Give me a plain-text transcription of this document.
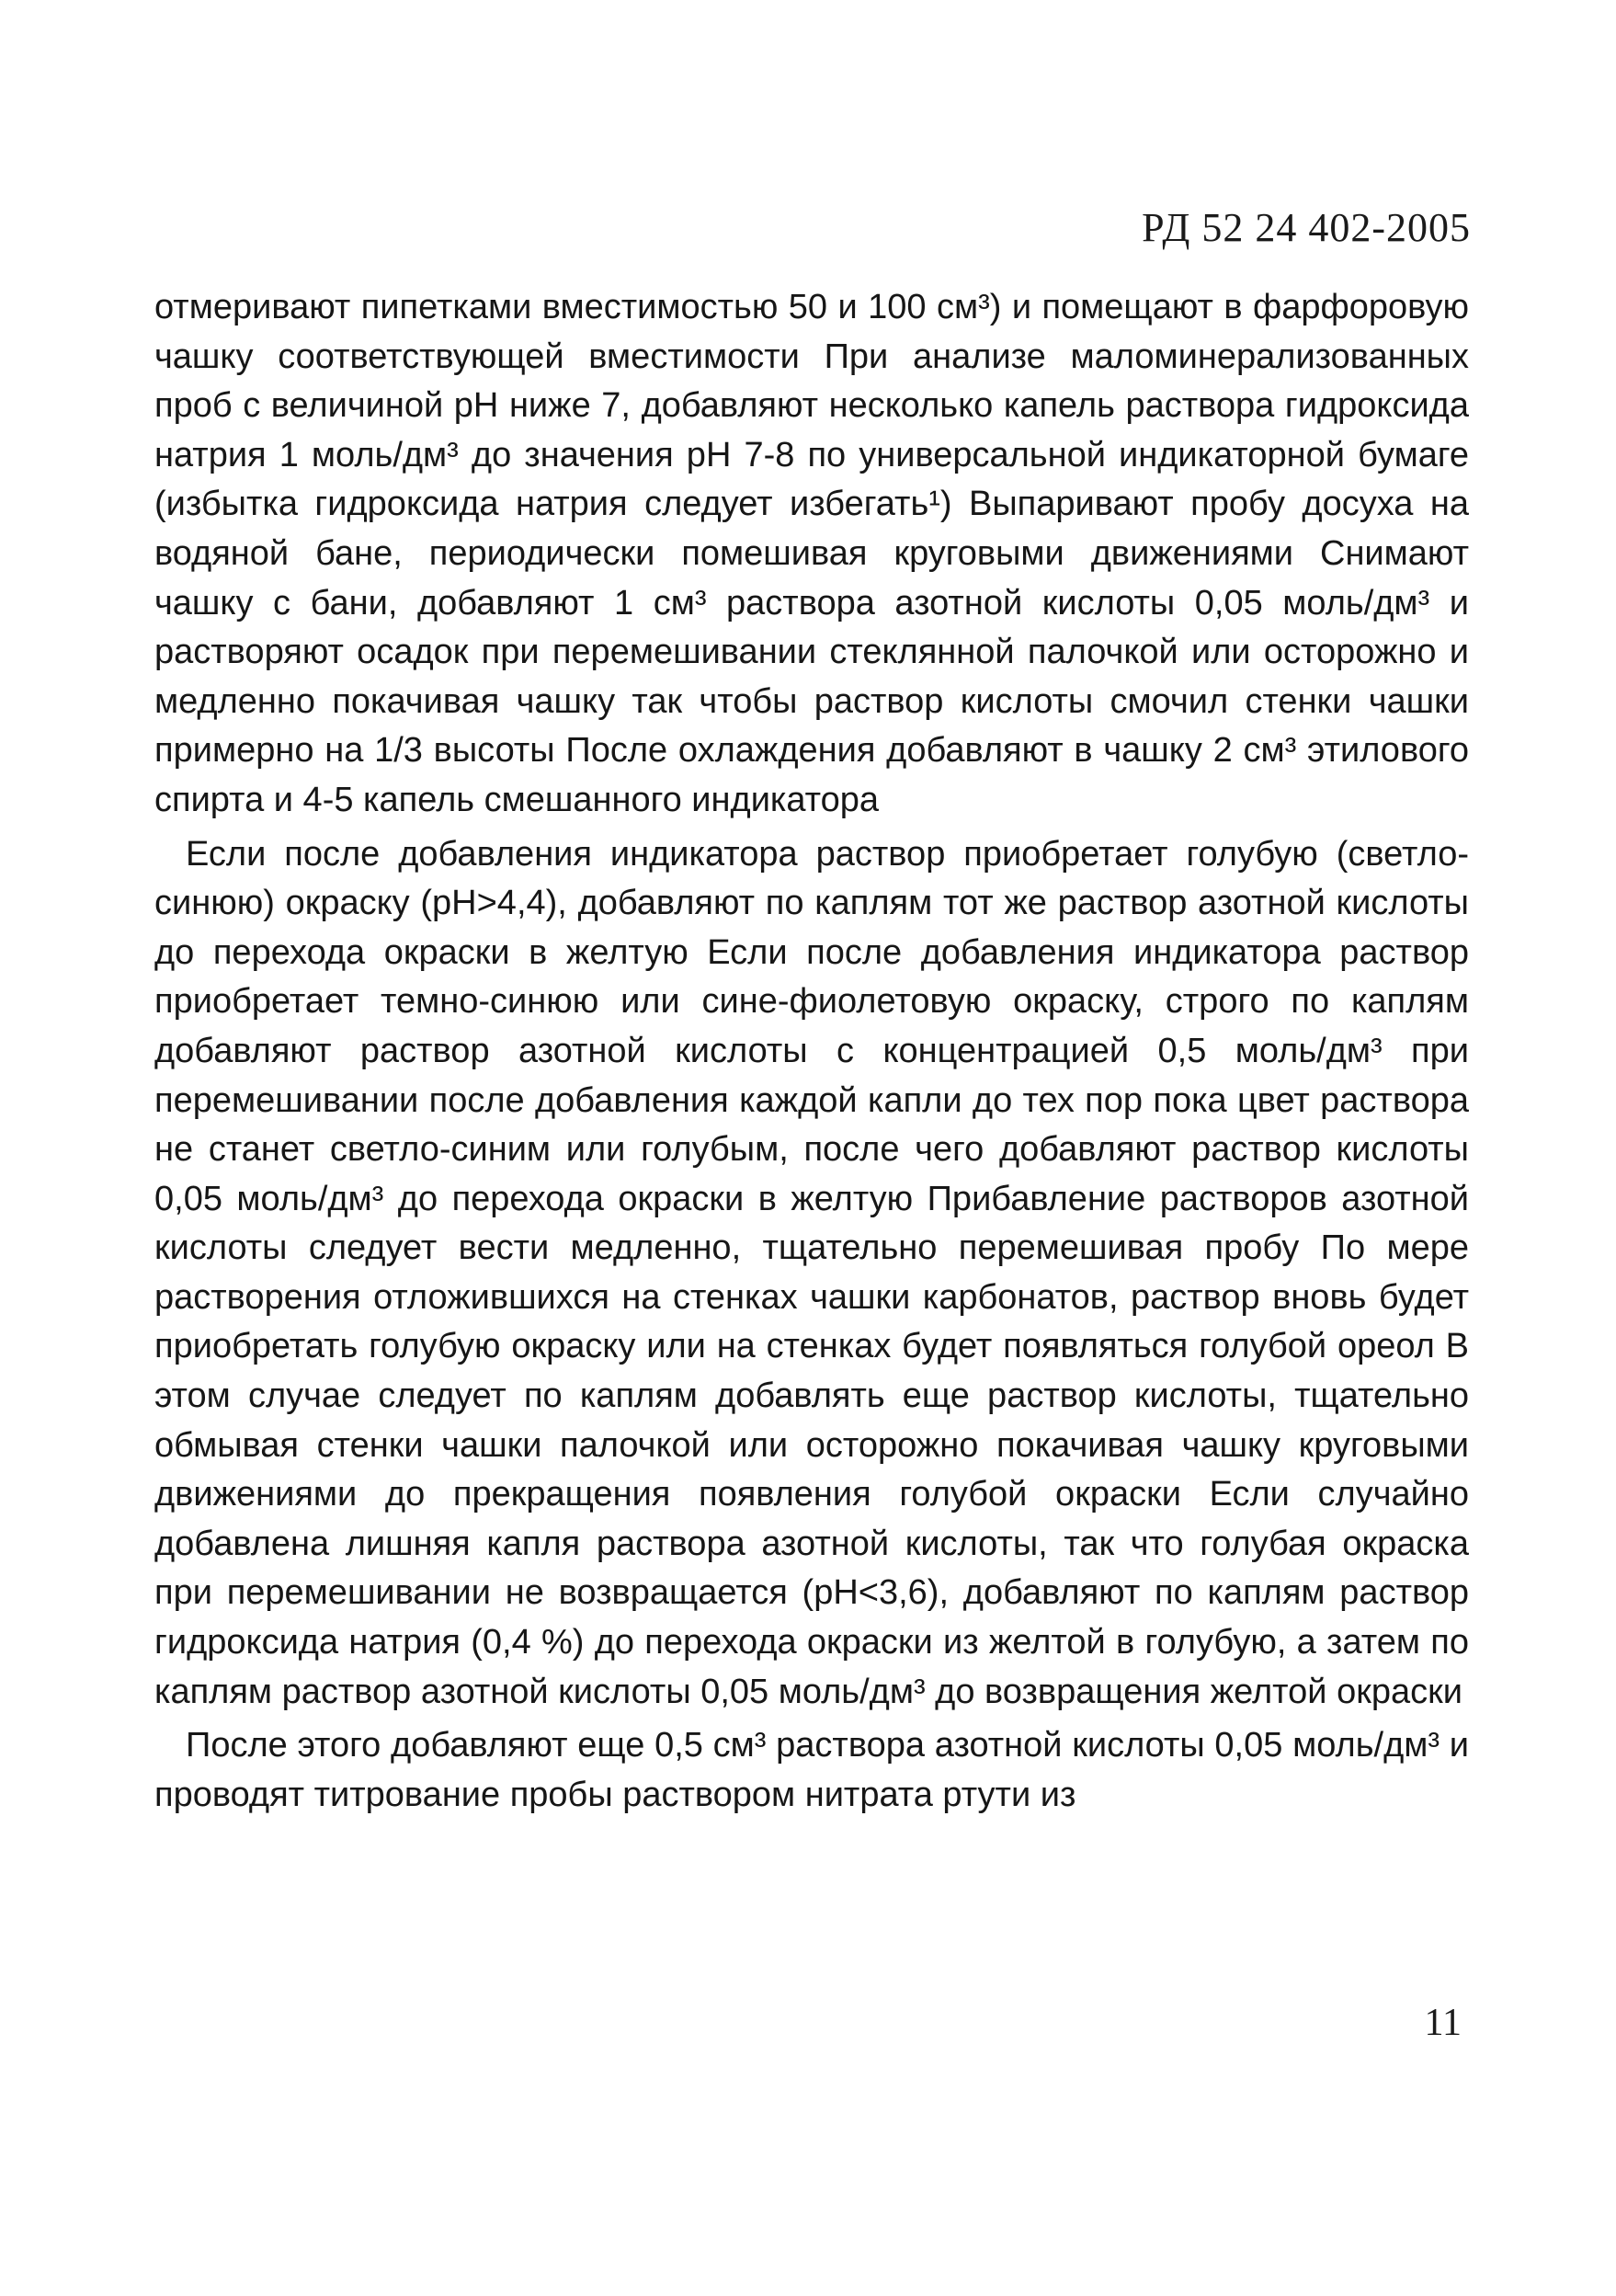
РД 52 24 402-2005

отмеривают пипетками вместимостью 50 и 100 см³) и помещают в фарфоровую чашку соответствующей вместимости При анализе маломинерализованных проб с величиной pH ниже 7, добавляют несколько капель раствора гидроксида натрия 1 моль/дм³ до значения pH 7-8 по универсальной индикаторной бумаге (избытка гидроксида натрия следует избегать¹) Выпаривают пробу досуха на водяной бане, периодически помешивая круговыми движениями Снимают чашку с бани, добавляют 1 см³ раствора азотной кислоты 0,05 моль/дм³ и растворяют осадок при перемешивании стеклянной палочкой или осторожно и медленно покачивая чашку так чтобы раствор кислоты смочил стенки чашки примерно на 1/3 высоты После охлаждения добавляют в чашку 2 см³ этилового спирта и 4-5 капель смешанного индикатора

Если после добавления индикатора раствор приобретает голубую (светло-синюю) окраску (pH>4,4), добавляют по каплям тот же раствор азотной кислоты до перехода окраски в желтую Если после добавления индикатора раствор приобретает темно-синюю или сине-фиолетовую окраску, строго по каплям добавляют раствор азотной кислоты с концентрацией 0,5 моль/дм³ при перемешивании после добавления каждой капли до тех пор пока цвет раствора не станет светло-синим или голубым, после чего добавляют раствор кислоты 0,05 моль/дм³ до перехода окраски в желтую Прибавление растворов азотной кислоты следует вести медленно, тщательно перемешивая пробу По мере растворения отложившихся на стенках чашки карбонатов, раствор вновь будет приобретать голубую окраску или на стенках будет появляться голубой ореол В этом случае следует по каплям добавлять еще раствор кислоты, тщательно обмывая стенки чашки палочкой или осторожно покачивая чашку круговыми движениями до прекращения появления голубой окраски Если случайно добавлена лишняя капля раствора азотной кислоты, так что голубая окраска при перемешивании не возвращается (pH<3,6), добавляют по каплям раствор гидроксида натрия (0,4 %) до перехода окраски из желтой в голубую, а затем по каплям раствор азотной кислоты 0,05 моль/дм³ до возвращения желтой окраски

После этого добавляют еще 0,5 см³ раствора азотной кислоты 0,05 моль/дм³ и проводят титрование пробы раствором нитрата ртути из

11
